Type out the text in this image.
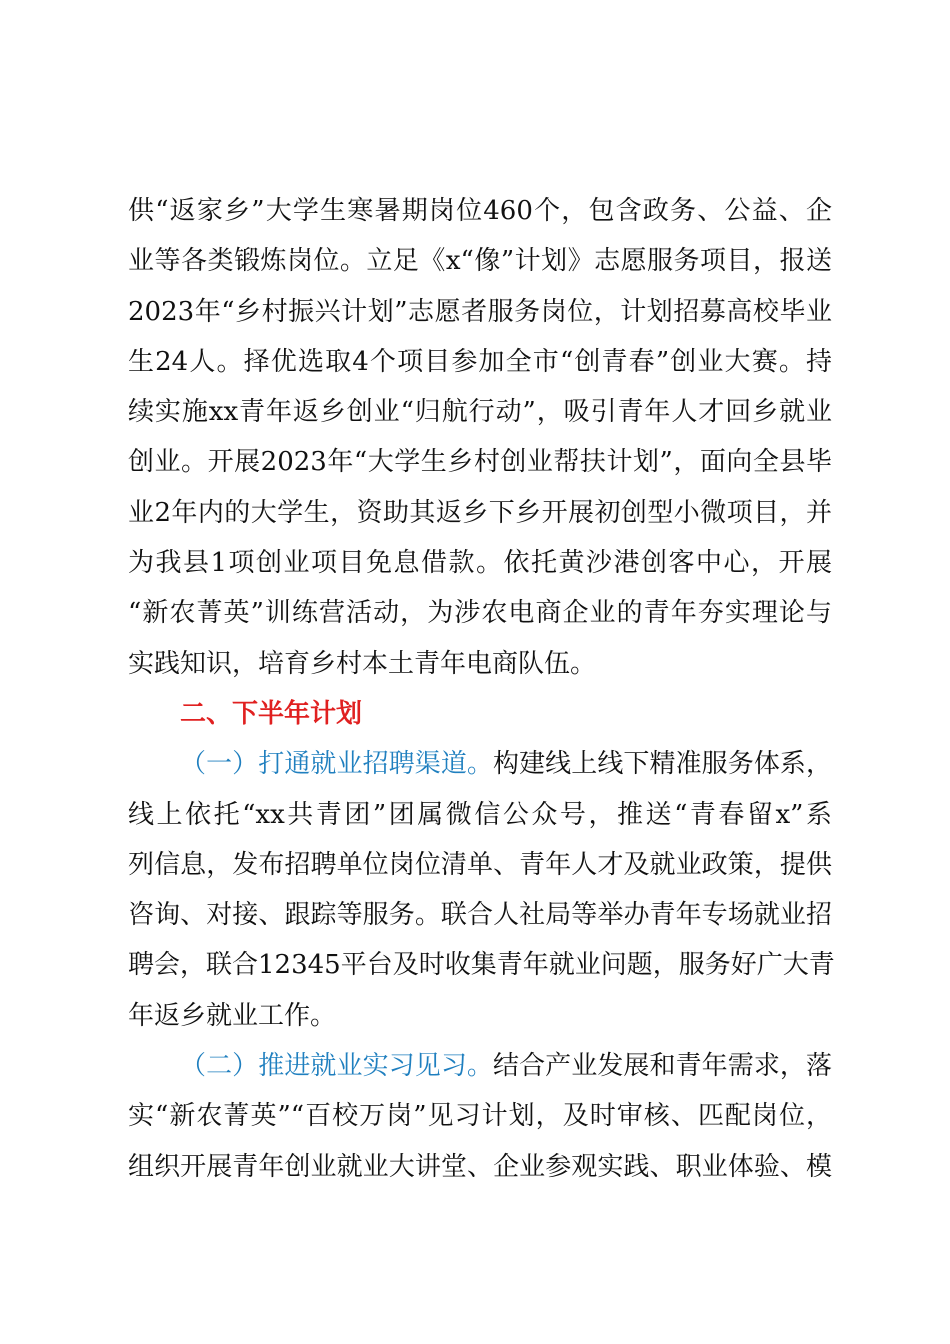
供“返家乡”大学生寒暑期岗位460个，包含政务、公益、企
业等各类锻炼岗位。立足《x“像”计划》志愿服务项目，报送
2023年“乡村振兴计划”志愿者服务岗位，计划招募高校毕业
生24人。择优选取4个项目参加全市“创青春”创业大赛。持
续实施xx青年返乡创业“归航行动”，吸引青年人才回乡就业
创业。开展2023年“大学生乡村创业帮扶计划”，面向全县毕
业2年内的大学生，资助其返乡下乡开展初创型小微项目，并
为我县1项创业项目免息借款。依托黄沙港创客中心，开展
“新农菁英”训练营活动，为涉农电商企业的青年夯实理论与
实践知识，培育乡村本土青年电商队伍。
二、下半年计划
（一）打通就业招聘渠道。构建线上线下精准服务体系，
线上依托“xx共青团”团属微信公众号，推送“青春留x”系
列信息，发布招聘单位岗位清单、青年人才及就业政策，提供
咨询、对接、跟踪等服务。联合人社局等举办青年专场就业招
聘会，联合12345平台及时收集青年就业问题，服务好广大青
年返乡就业工作。
（二）推进就业实习见习。结合产业发展和青年需求，落
实“新农菁英”“百校万岗”见习计划，及时审核、匹配岗位，
组织开展青年创业就业大讲堂、企业参观实践、职业体验、模
